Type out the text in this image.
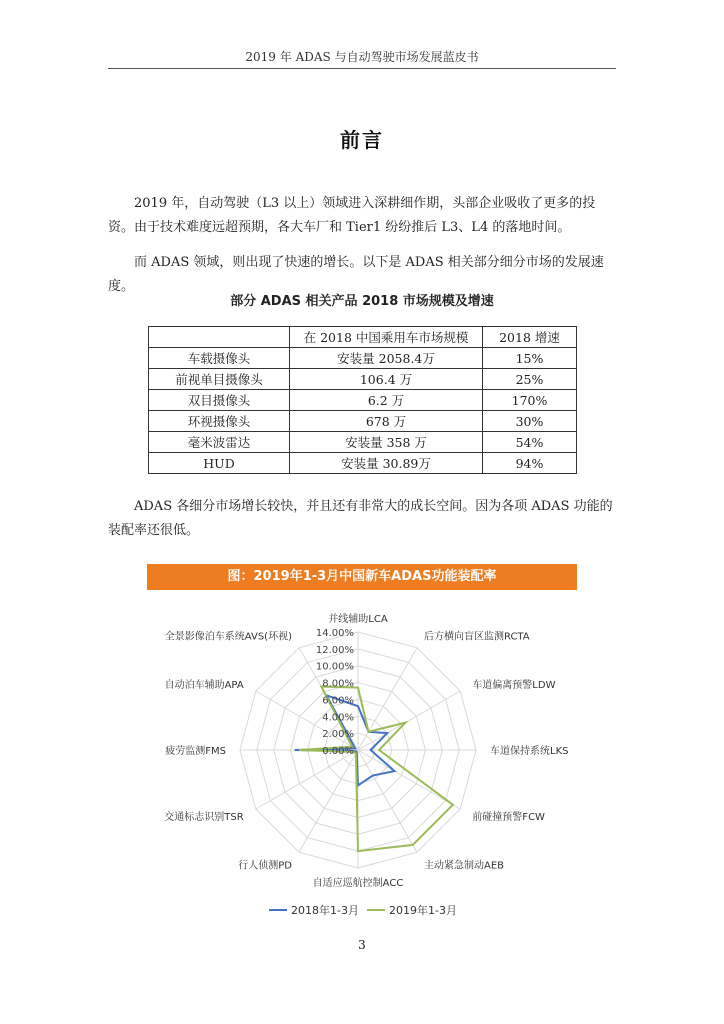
2019 年 ADAS 与自动驾驶市场发展蓝皮书
前言

2019 年，自动驾驶（L3 以上）领域进入深耕细作期，头部企业吸收了更多的投资。由于技术难度远超预期，各大车厂和 Tier1 纷纷推后 L3、L4 的落地时间。

而 ADAS 领域，则出现了快速的增长。以下是 ADAS 相关部分细分市场的发展速度。

部分 ADAS 相关产品 2018 市场规模及增速
	在 2018 中国乘用车市场规模	2018 增速
车载摄像头	安装量 2058.4万	15%
前视单目摄像头	106.4 万	25%
双目摄像头	6.2 万	170%
环视摄像头	678 万	30%
毫米波雷达	安装量 358 万	54%
HUD	安装量 30.89万	94%

ADAS 各细分市场增长较快，并且还有非常大的成长空间。因为各项 ADAS 功能的装配率还很低。

图：2019年1-3月中国新车ADAS功能装配率
0.00%
2.00%
4.00%
6.00%
8.00%
10.00%
12.00%
14.00%
并线辅助LCA
后方横向盲区监测RCTA
车道偏离预警LDW
车道保持系统LKS
前碰撞预警FCW
主动紧急制动AEB
自适应巡航控制ACC
行人侦测PD
交通标志识别TSR
疲劳监测FMS
自动泊车辅助APA
全景影像泊车系统AVS(环视)
2018年1-3月	2019年1-3月
3
